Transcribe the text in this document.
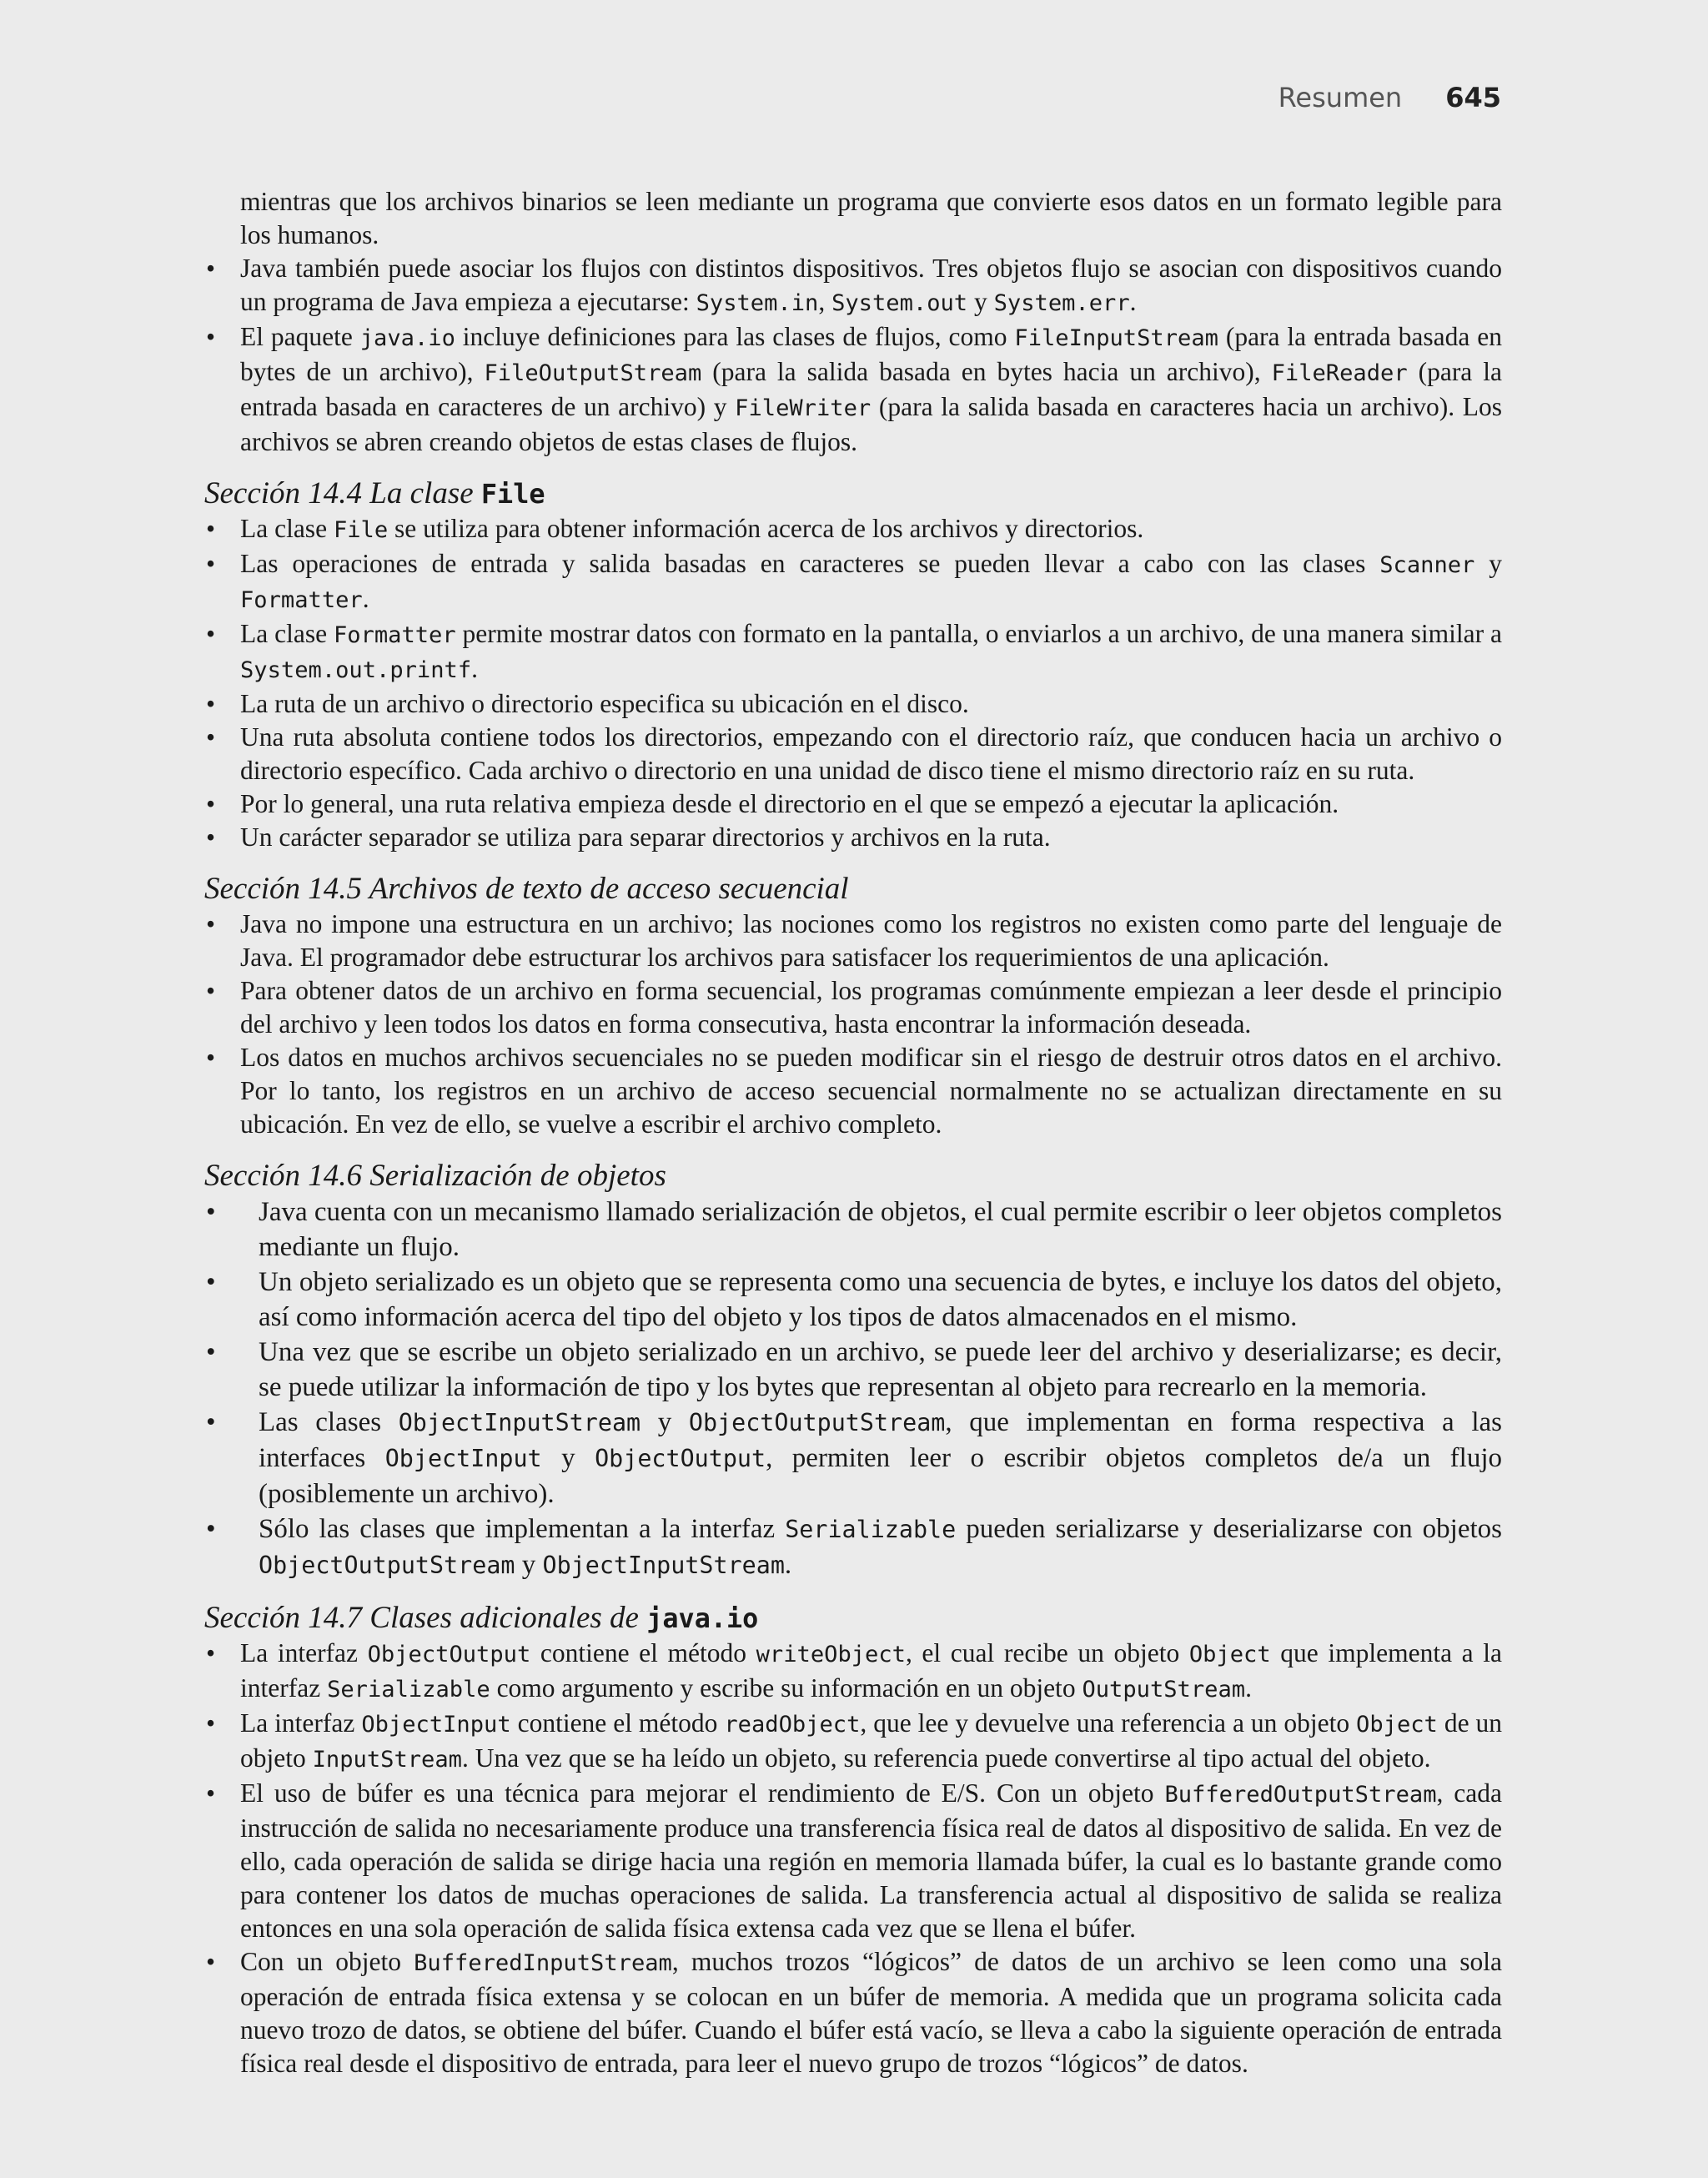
Resumen 645

mientras que los archivos binarios se leen mediante un programa que convierte esos datos en un formato legible para los humanos.

• Java también puede asociar los flujos con distintos dispositivos. Tres objetos flujo se asocian con dispositivos cuando un programa de Java empieza a ejecutarse: System.in, System.out y System.err.
• El paquete java.io incluye definiciones para las clases de flujos, como FileInputStream (para la entrada basada en bytes de un archivo), FileOutputStream (para la salida basada en bytes hacia un archivo), FileReader (para la entrada basada en caracteres de un archivo) y FileWriter (para la salida basada en caracteres hacia un archivo). Los archivos se abren creando objetos de estas clases de flujos.
Sección 14.4 La clase File
• La clase File se utiliza para obtener información acerca de los archivos y directorios.
• Las operaciones de entrada y salida basadas en caracteres se pueden llevar a cabo con las clases Scanner y Formatter.
• La clase Formatter permite mostrar datos con formato en la pantalla, o enviarlos a un archivo, de una manera similar a System.out.printf.
• La ruta de un archivo o directorio especifica su ubicación en el disco.
• Una ruta absoluta contiene todos los directorios, empezando con el directorio raíz, que conducen hacia un archivo o directorio específico. Cada archivo o directorio en una unidad de disco tiene el mismo directorio raíz en su ruta.
• Por lo general, una ruta relativa empieza desde el directorio en el que se empezó a ejecutar la aplicación.
• Un carácter separador se utiliza para separar directorios y archivos en la ruta.
Sección 14.5 Archivos de texto de acceso secuencial
• Java no impone una estructura en un archivo; las nociones como los registros no existen como parte del lenguaje de Java. El programador debe estructurar los archivos para satisfacer los requerimientos de una aplicación.
• Para obtener datos de un archivo en forma secuencial, los programas comúnmente empiezan a leer desde el principio del archivo y leen todos los datos en forma consecutiva, hasta encontrar la información deseada.
• Los datos en muchos archivos secuenciales no se pueden modificar sin el riesgo de destruir otros datos en el archivo. Por lo tanto, los registros en un archivo de acceso secuencial normalmente no se actualizan directamente en su ubicación. En vez de ello, se vuelve a escribir el archivo completo.
Sección 14.6 Serialización de objetos
• Java cuenta con un mecanismo llamado serialización de objetos, el cual permite escribir o leer objetos completos mediante un flujo.
• Un objeto serializado es un objeto que se representa como una secuencia de bytes, e incluye los datos del objeto, así como información acerca del tipo del objeto y los tipos de datos almacenados en el mismo.
• Una vez que se escribe un objeto serializado en un archivo, se puede leer del archivo y deserializarse; es decir, se puede utilizar la información de tipo y los bytes que representan al objeto para recrearlo en la memoria.
• Las clases ObjectInputStream y ObjectOutputStream, que implementan en forma respectiva a las interfaces ObjectInput y ObjectOutput, permiten leer o escribir objetos completos de/a un flujo (posiblemente un archivo).
• Sólo las clases que implementan a la interfaz Serializable pueden serializarse y deserializarse con objetos ObjectOutputStream y ObjectInputStream.
Sección 14.7 Clases adicionales de java.io
• La interfaz ObjectOutput contiene el método writeObject, el cual recibe un objeto Object que implementa a la interfaz Serializable como argumento y escribe su información en un objeto OutputStream.
• La interfaz ObjectInput contiene el método readObject, que lee y devuelve una referencia a un objeto Object de un objeto InputStream. Una vez que se ha leído un objeto, su referencia puede convertirse al tipo actual del objeto.
• El uso de búfer es una técnica para mejorar el rendimiento de E/S. Con un objeto BufferedOutputStream, cada instrucción de salida no necesariamente produce una transferencia física real de datos al dispositivo de salida. En vez de ello, cada operación de salida se dirige hacia una región en memoria llamada búfer, la cual es lo bastante grande como para contener los datos de muchas operaciones de salida. La transferencia actual al dispositivo de salida se realiza entonces en una sola operación de salida física extensa cada vez que se llena el búfer.
• Con un objeto BufferedInputStream, muchos trozos “lógicos” de datos de un archivo se leen como una sola operación de entrada física extensa y se colocan en un búfer de memoria. A medida que un programa solicita cada nuevo trozo de datos, se obtiene del búfer. Cuando el búfer está vacío, se lleva a cabo la siguiente operación de entrada física real desde el dispositivo de entrada, para leer el nuevo grupo de trozos “lógicos” de datos.
